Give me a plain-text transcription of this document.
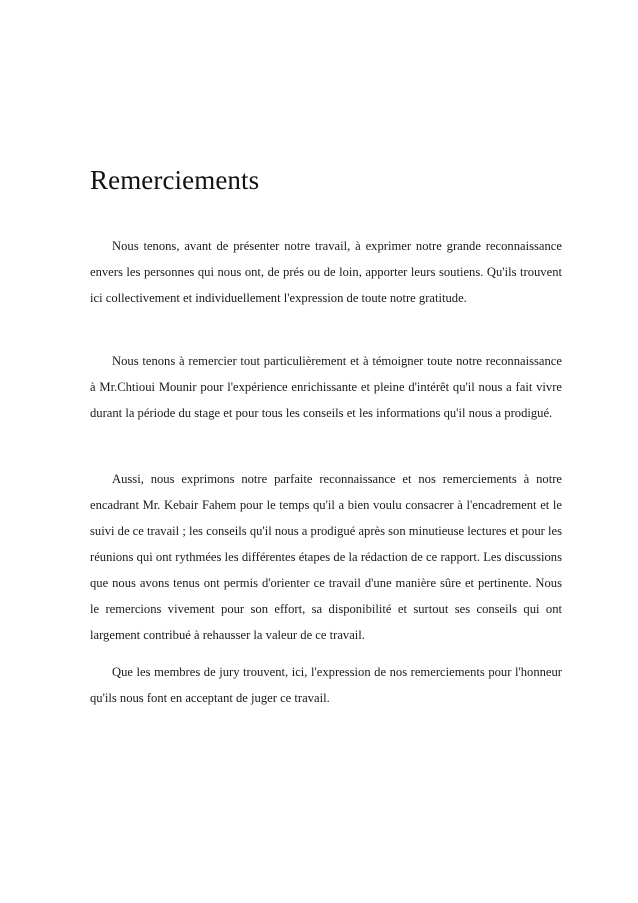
Remerciements

Nous tenons, avant de présenter notre travail, à exprimer notre grande reconnaissance envers les personnes qui nous ont, de prés ou de loin, apporter leurs soutiens. Qu'ils trouvent ici collectivement et individuellement l'expression de toute notre gratitude.

Nous tenons à remercier tout particulièrement et à témoigner toute notre reconnaissance à Mr.Chtioui Mounir pour l'expérience enrichissante et pleine d'intérêt qu'il nous a fait vivre durant la période du stage et pour tous les conseils et les informations qu'il nous a prodigué.

Aussi, nous exprimons notre parfaite reconnaissance et nos remerciements à notre encadrant Mr. Kebair Fahem pour le temps qu'il a bien voulu consacrer à l'encadrement et le suivi de ce travail ; les conseils qu'il nous a prodigué après son minutieuse lectures et pour les réunions qui ont rythmées les différentes étapes de la rédaction de ce rapport. Les discussions que nous avons tenus ont permis d'orienter ce travail d'une manière sûre et pertinente. Nous le remercions vivement pour son effort, sa disponibilité et surtout ses conseils qui ont largement contribué à rehausser la valeur de ce travail.

Que les membres de jury trouvent, ici, l'expression de nos remerciements pour l'honneur qu'ils nous font en acceptant de juger ce travail.
